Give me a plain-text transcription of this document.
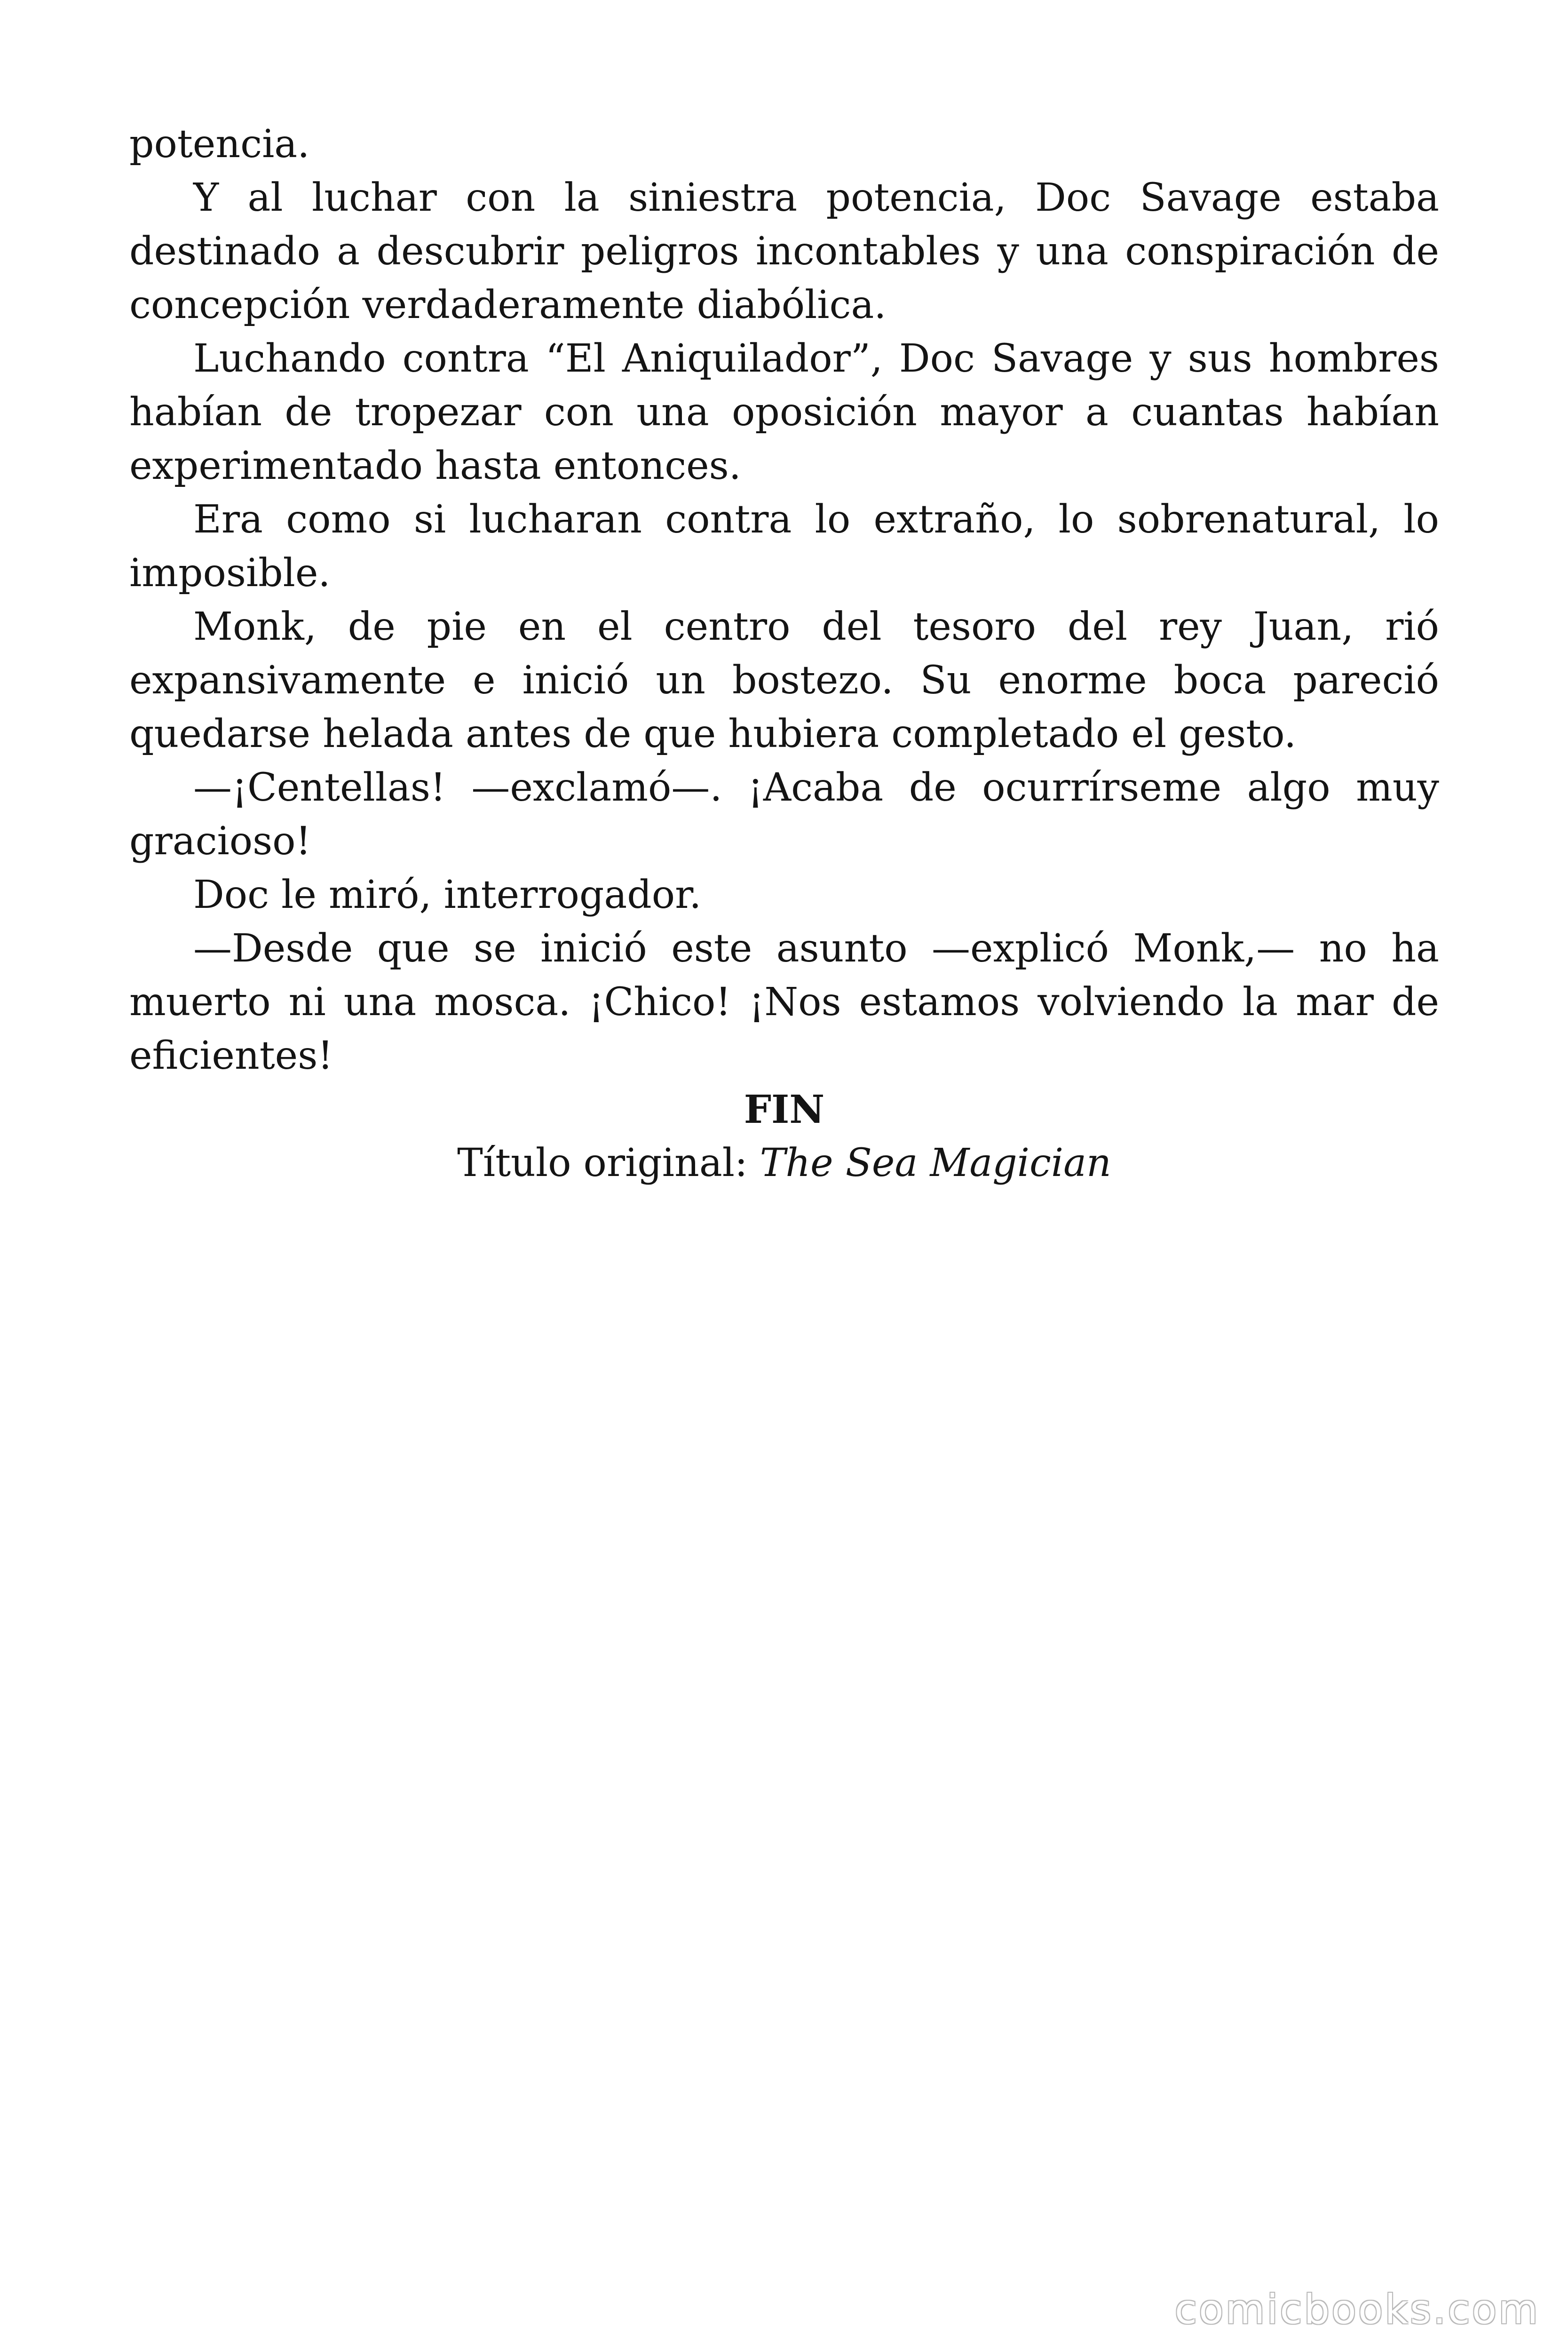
potencia.

Y al luchar con la siniestra potencia, Doc Savage estaba destinado a descubrir peligros incontables y una conspiración de concepción verdaderamente diabólica.

Luchando contra “El Aniquilador”, Doc Savage y sus hombres habían de tropezar con una oposición mayor a cuantas habían experimentado hasta entonces.

Era como si lucharan contra lo extraño, lo sobrenatural, lo imposible.

Monk, de pie en el centro del tesoro del rey Juan, rió expansivamente e inició un bostezo. Su enorme boca pareció quedarse helada antes de que hubiera completado el gesto.

—¡Centellas! —exclamó—. ¡Acaba de ocurrírseme algo muy gracioso!

Doc le miró, interrogador.

—Desde que se inició este asunto —explicó Monk,— no ha muerto ni una mosca. ¡Chico! ¡Nos estamos volviendo la mar de eficientes!

FIN

Título original: The Sea Magician

comicbooks.com
